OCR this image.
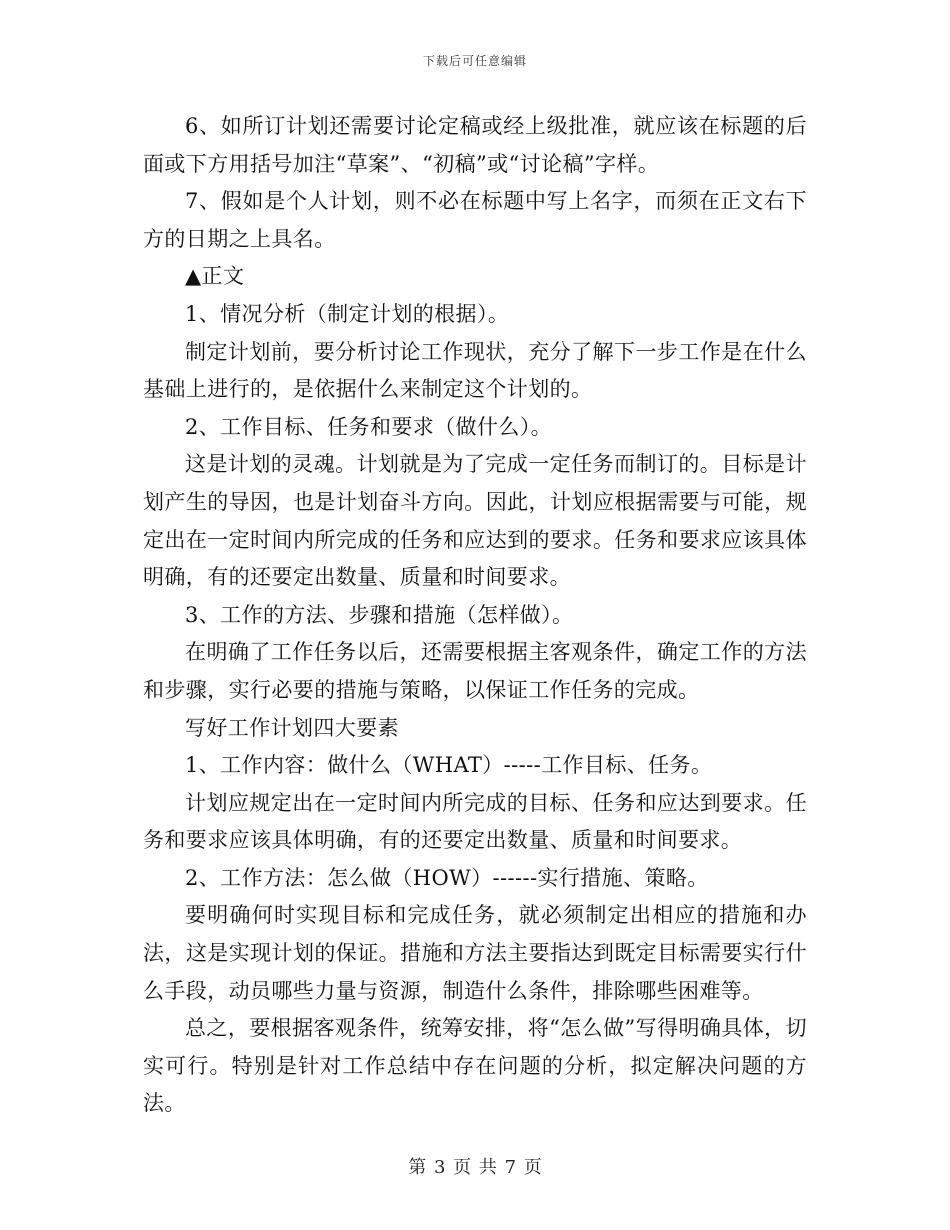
下载后可任意编辑

6、如所订计划还需要讨论定稿或经上级批准，就应该在标题的后面或下方用括号加注“草案”、“初稿”或“讨论稿”字样。

7、假如是个人计划，则不必在标题中写上名字，而须在正文右下方的日期之上具名。

▲正文

1、情况分析（制定计划的根据）。

制定计划前，要分析讨论工作现状，充分了解下一步工作是在什么基础上进行的，是依据什么来制定这个计划的。

2、工作目标、任务和要求（做什么）。

这是计划的灵魂。计划就是为了完成一定任务而制订的。目标是计划产生的导因，也是计划奋斗方向。因此，计划应根据需要与可能，规定出在一定时间内所完成的任务和应达到的要求。任务和要求应该具体明确，有的还要定出数量、质量和时间要求。

3、工作的方法、步骤和措施（怎样做）。

在明确了工作任务以后，还需要根据主客观条件，确定工作的方法和步骤，实行必要的措施与策略，以保证工作任务的完成。

写好工作计划四大要素

1、工作内容：做什么（WHAT）-----工作目标、任务。

计划应规定出在一定时间内所完成的目标、任务和应达到要求。任务和要求应该具体明确，有的还要定出数量、质量和时间要求。

2、工作方法：怎么做（HOW）------实行措施、策略。

要明确何时实现目标和完成任务，就必须制定出相应的措施和办法，这是实现计划的保证。措施和方法主要指达到既定目标需要实行什么手段，动员哪些力量与资源，制造什么条件，排除哪些困难等。

总之，要根据客观条件，统筹安排，将“怎么做”写得明确具体，切实可行。特别是针对工作总结中存在问题的分析，拟定解决问题的方法。

第 3 页 共 7 页
